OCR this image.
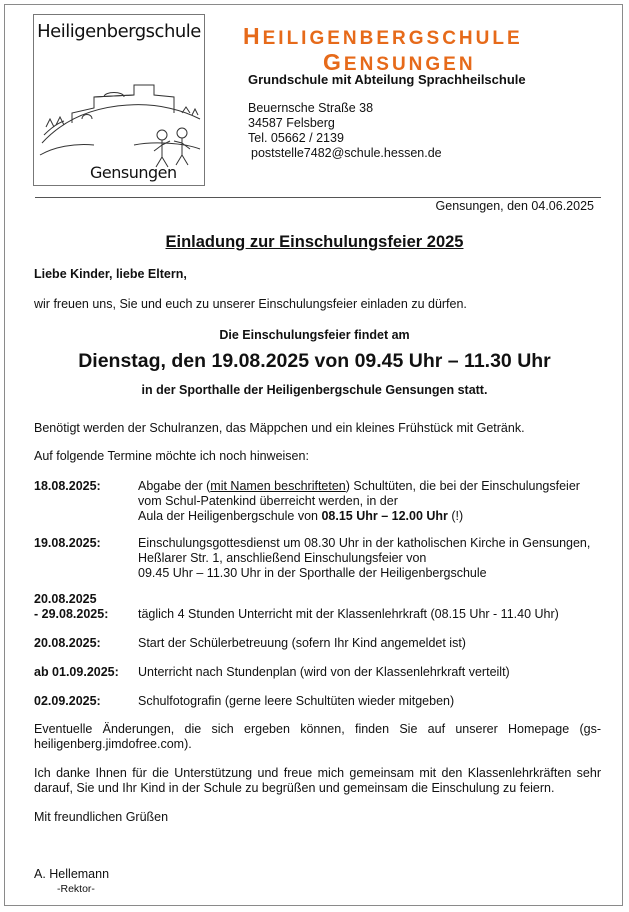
Heiligenbergschule
Gensungen
HEILIGENBERGSCHULE
GENSUNGEN
Grundschule mit Abteilung Sprachheilschule
Beuernsche Straße 38
34587 Felsberg
Tel. 05662 / 2139
poststelle7482@schule.hessen.de
Gensungen, den 04.06.2025
Einladung zur Einschulungsfeier 2025
Liebe Kinder, liebe Eltern,
wir freuen uns, Sie und euch zu unserer Einschulungsfeier einladen zu dürfen.
Die Einschulungsfeier findet am
Dienstag, den 19.08.2025 von 09.45 Uhr – 11.30 Uhr
in der Sporthalle der Heiligenbergschule Gensungen statt.
Benötigt werden der Schulranzen, das Mäppchen und ein kleines Frühstück mit Getränk.
Auf folgende Termine möchte ich noch hinweisen:
18.08.2025:	Abgabe der (mit Namen beschrifteten) Schultüten, die bei der Einschulungsfeier
vom Schul-Patenkind überreicht werden, in der
Aula der Heiligenbergschule von 08.15 Uhr – 12.00 Uhr (!)
19.08.2025:	Einschulungsgottesdienst um 08.30 Uhr in der katholischen Kirche in Gensungen,
Heßlarer Str. 1, anschließend Einschulungsfeier von
09.45 Uhr – 11.30 Uhr in der Sporthalle der Heiligenbergschule
20.08.2025
- 29.08.2025: täglich 4 Stunden Unterricht mit der Klassenlehrkraft (08.15 Uhr - 11.40 Uhr)
20.08.2025:	Start der Schülerbetreuung (sofern Ihr Kind angemeldet ist)
ab 01.09.2025: Unterricht nach Stundenplan (wird von der Klassenlehrkraft verteilt)
02.09.2025:	Schulfotografin (gerne leere Schultüten wieder mitgeben)
Eventuelle Änderungen, die sich ergeben können, finden Sie auf unserer Homepage (gs-heiligenberg.jimdofree.com).
Ich danke Ihnen für die Unterstützung und freue mich gemeinsam mit den Klassenlehrkräften sehr darauf, Sie und Ihr Kind in der Schule zu begrüßen und gemeinsam die Einschulung zu feiern.
Mit freundlichen Grüßen
A. Hellemann
-Rektor-
